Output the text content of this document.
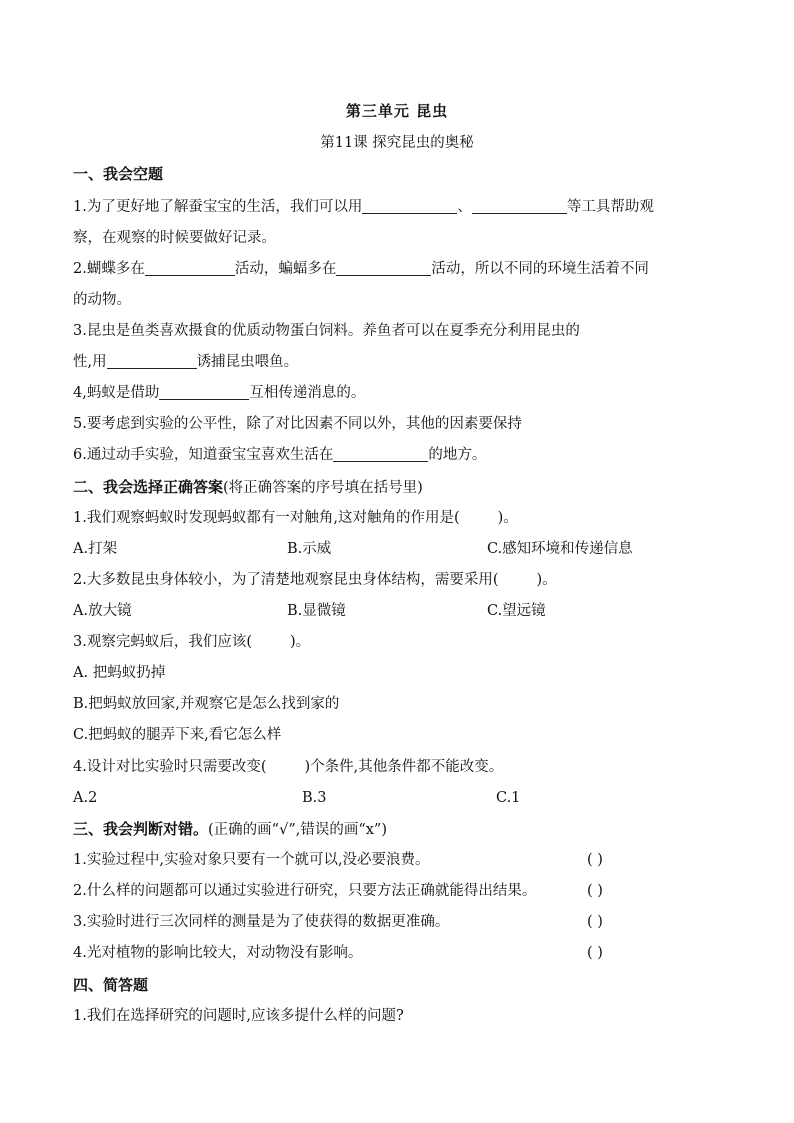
第三单元 昆虫
第11课 探究昆虫的奥秘
一、我会空题
1.为了更好地了解蚕宝宝的生活，我们可以用	、	等工具帮助观
察，在观察的时候要做好记录。
2.蝴蝶多在	活动，蝙蝠多在	活动，所以不同的环境生活着不同
的动物。
3.昆虫是鱼类喜欢摄食的优质动物蛋白饲料。养鱼者可以在夏季充分利用昆虫的
性,用	诱捕昆虫喂鱼。
4,蚂蚁是借助	互相传递消息的。
5.要考虑到实验的公平性，除了对比因素不同以外，其他的因素要保持
6.通过动手实验，知道蚕宝宝喜欢生活在	的地方。
二、我会选择正确答案(将正确答案的序号填在括号里)
1.我们观察蚂蚁时发现蚂蚁都有一对触角,这对触角的作用是(	)。
A.打架	B.示威	C.感知环境和传递信息
2.大多数昆虫身体较小，为了清楚地观察昆虫身体结构，需要采用(	)。
A.放大镜	B.显微镜	C.望远镜
3.观察完蚂蚁后，我们应该(	)。
A. 把蚂蚁扔掉
B.把蚂蚁放回家,并观察它是怎么找到家的
C.把蚂蚁的腿弄下来,看它怎么样
4.设计对比实验时只需要改变(	)个条件,其他条件都不能改变。
A.2	B.3	C.1
三、我会判断对错。(正确的画“√”,错误的画“x”)
1.实验过程中,实验对象只要有一个就可以,没必要浪费。	( )
2.什么样的问题都可以通过实验进行研究，只要方法正确就能得出结果。	( )
3.实验时进行三次同样的测量是为了使获得的数据更准确。	( )
4.光对植物的影响比较大，对动物没有影响。	( )
四、简答题
1.我们在选择研究的问题时,应该多提什么样的问题?
